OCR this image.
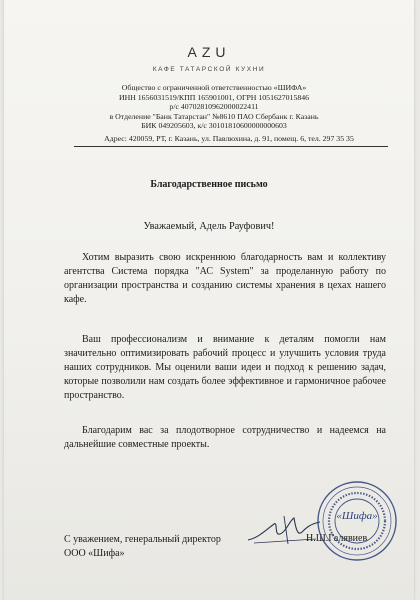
AZU
КАФЕ ТАТАРСКОЙ КУХНИ
Общество с ограниченной ответственностью «ШИФА»
ИНН 1656031519/КПП 165901001, ОГРН 1051627015846
р/с 40702810962000022411
в Отделение "Банк Татарстан" №8610 ПАО Сбербанк г. Казань
БИК 049205603, к/с 30101810600000000603
Адрес: 420059, РТ, г. Казань, ул. Павлюхина, д. 91, помещ. 6, тел. 297 35 35
Благодарственное письмо
Уважаемый, Адель Рауфович!
Хотим выразить свою искреннюю благодарность вам и коллективу агентства Система порядка "АС System" за проделанную работу по организации пространства и созданию системы хранения в цехах нашего кафе.
Ваш профессионализм и внимание к деталям помогли нам значительно оптимизировать рабочий процесс и улучшить условия труда наших сотрудников. Мы оценили ваши идеи и подход к решению задач, которые позволили нам создать более эффективное и гармоничное рабочее пространство.
Благодарим вас за плодотворное сотрудничество и надеемся на дальнейшие совместные проекты.
С уважением, генеральный директор
ООО «Шифа»
Н.Ш.Галявиев
«Шифа»
